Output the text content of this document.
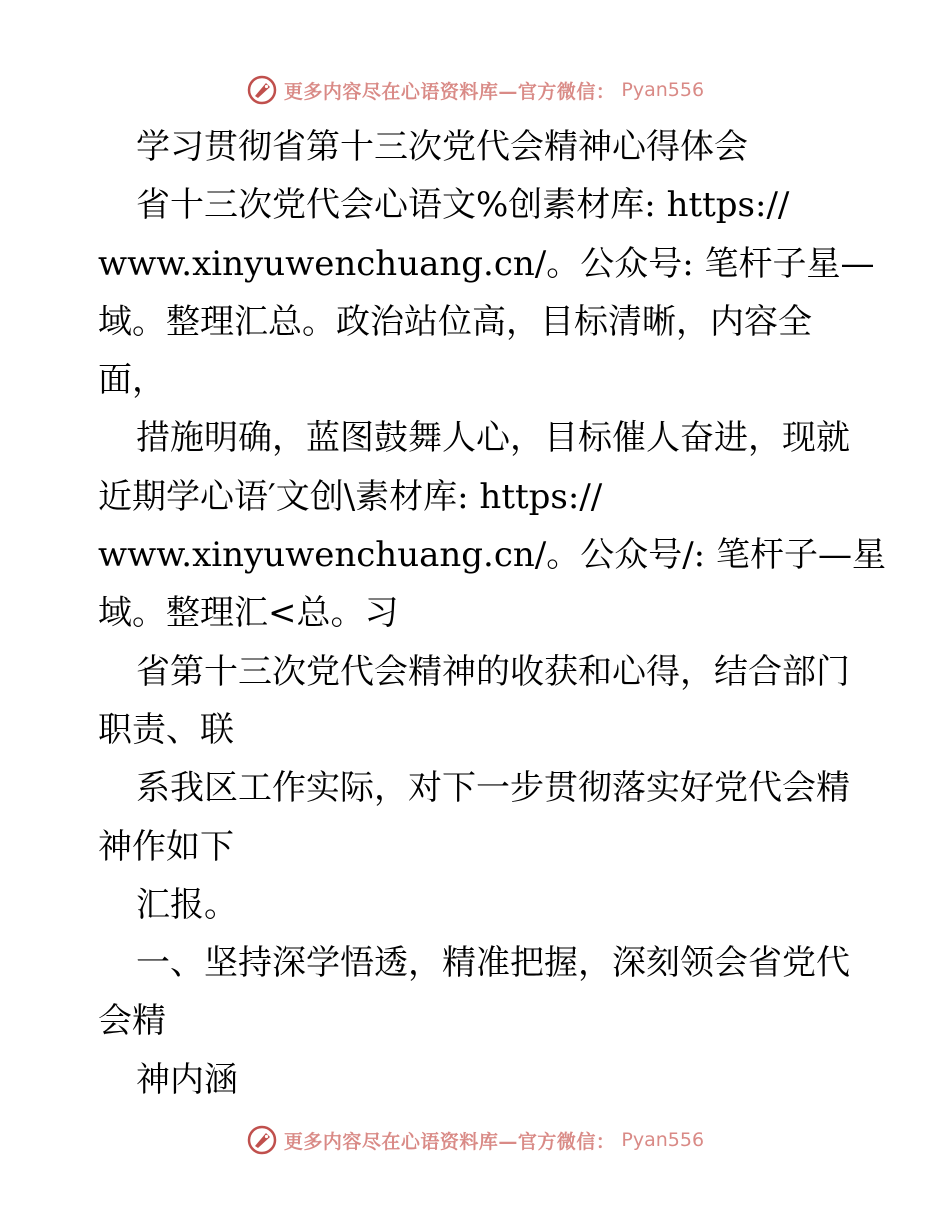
更多内容尽在心语资料库—官方微信： Pyan556
学习贯彻省第十三次党代会精神心得体会
省十三次党代会心语文%创素材库: https://
www.xinyuwenchuang.cn/。公众号: 笔杆子星—
域。整理汇总。政治站位高，目标清晰，内容全
面，
措施明确，蓝图鼓舞人心，目标催人奋进，现就
近期学心语′文创\素材库: https://
www.xinyuwenchuang.cn/。公众号/: 笔杆子—星
域。整理汇<总。习
省第十三次党代会精神的收获和心得，结合部门
职责、联
系我区工作实际，对下一步贯彻落实好党代会精
神作如下
汇报。
一、坚持深学悟透，精准把握，深刻领会省党代
会精
神内涵
更多内容尽在心语资料库—官方微信： Pyan556
